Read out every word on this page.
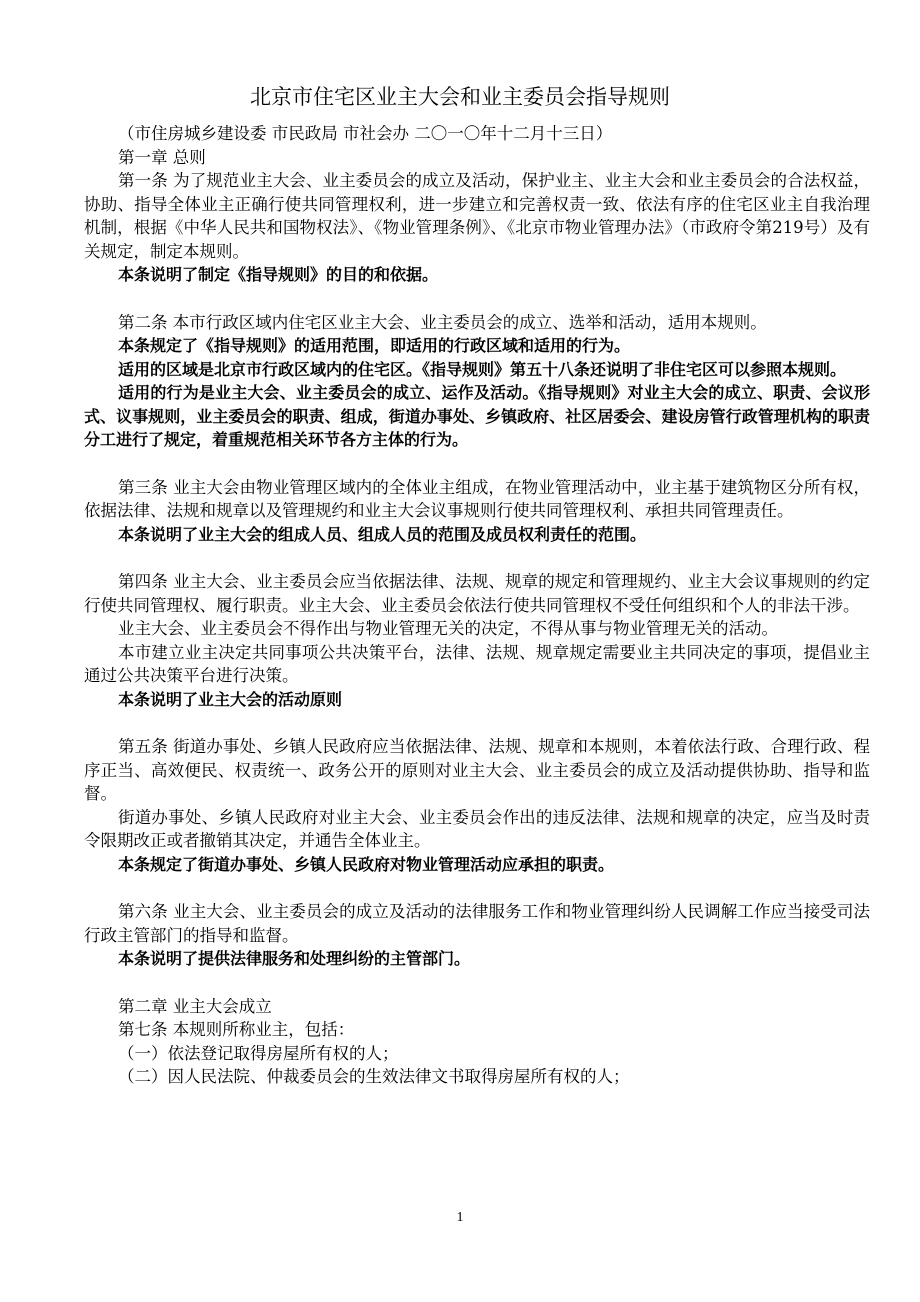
北京市住宅区业主大会和业主委员会指导规则

（市住房城乡建设委 市民政局 市社会办 二〇一〇年十二月十三日）

第一章 总则

第一条 为了规范业主大会、业主委员会的成立及活动，保护业主、业主大会和业主委员会的合法权益，协助、指导全体业主正确行使共同管理权利，进一步建立和完善权责一致、依法有序的住宅区业主自我治理机制，根据《中华人民共和国物权法》、《物业管理条例》、《北京市物业管理办法》（市政府令第219号）及有关规定，制定本规则。

本条说明了制定《指导规则》的目的和依据。

第二条 本市行政区域内住宅区业主大会、业主委员会的成立、选举和活动，适用本规则。

本条规定了《指导规则》的适用范围，即适用的行政区域和适用的行为。

适用的区域是北京市行政区域内的住宅区。《指导规则》第五十八条还说明了非住宅区可以参照本规则。

适用的行为是业主大会、业主委员会的成立、运作及活动。《指导规则》对业主大会的成立、职责、会议形式、议事规则，业主委员会的职责、组成，街道办事处、乡镇政府、社区居委会、建设房管行政管理机构的职责分工进行了规定，着重规范相关环节各方主体的行为。

第三条 业主大会由物业管理区域内的全体业主组成，在物业管理活动中，业主基于建筑物区分所有权，依据法律、法规和规章以及管理规约和业主大会议事规则行使共同管理权利、承担共同管理责任。

本条说明了业主大会的组成人员、组成人员的范围及成员权利责任的范围。

第四条 业主大会、业主委员会应当依据法律、法规、规章的规定和管理规约、业主大会议事规则的约定行使共同管理权、履行职责。业主大会、业主委员会依法行使共同管理权不受任何组织和个人的非法干涉。

业主大会、业主委员会不得作出与物业管理无关的决定，不得从事与物业管理无关的活动。

本市建立业主决定共同事项公共决策平台，法律、法规、规章规定需要业主共同决定的事项，提倡业主通过公共决策平台进行决策。

本条说明了业主大会的活动原则

第五条 街道办事处、乡镇人民政府应当依据法律、法规、规章和本规则，本着依法行政、合理行政、程序正当、高效便民、权责统一、政务公开的原则对业主大会、业主委员会的成立及活动提供协助、指导和监督。

街道办事处、乡镇人民政府对业主大会、业主委员会作出的违反法律、法规和规章的决定，应当及时责令限期改正或者撤销其决定，并通告全体业主。

本条规定了街道办事处、乡镇人民政府对物业管理活动应承担的职责。

第六条 业主大会、业主委员会的成立及活动的法律服务工作和物业管理纠纷人民调解工作应当接受司法行政主管部门的指导和监督。

本条说明了提供法律服务和处理纠纷的主管部门。

第二章 业主大会成立

第七条 本规则所称业主，包括：

（一）依法登记取得房屋所有权的人；

（二）因人民法院、仲裁委员会的生效法律文书取得房屋所有权的人；

1
